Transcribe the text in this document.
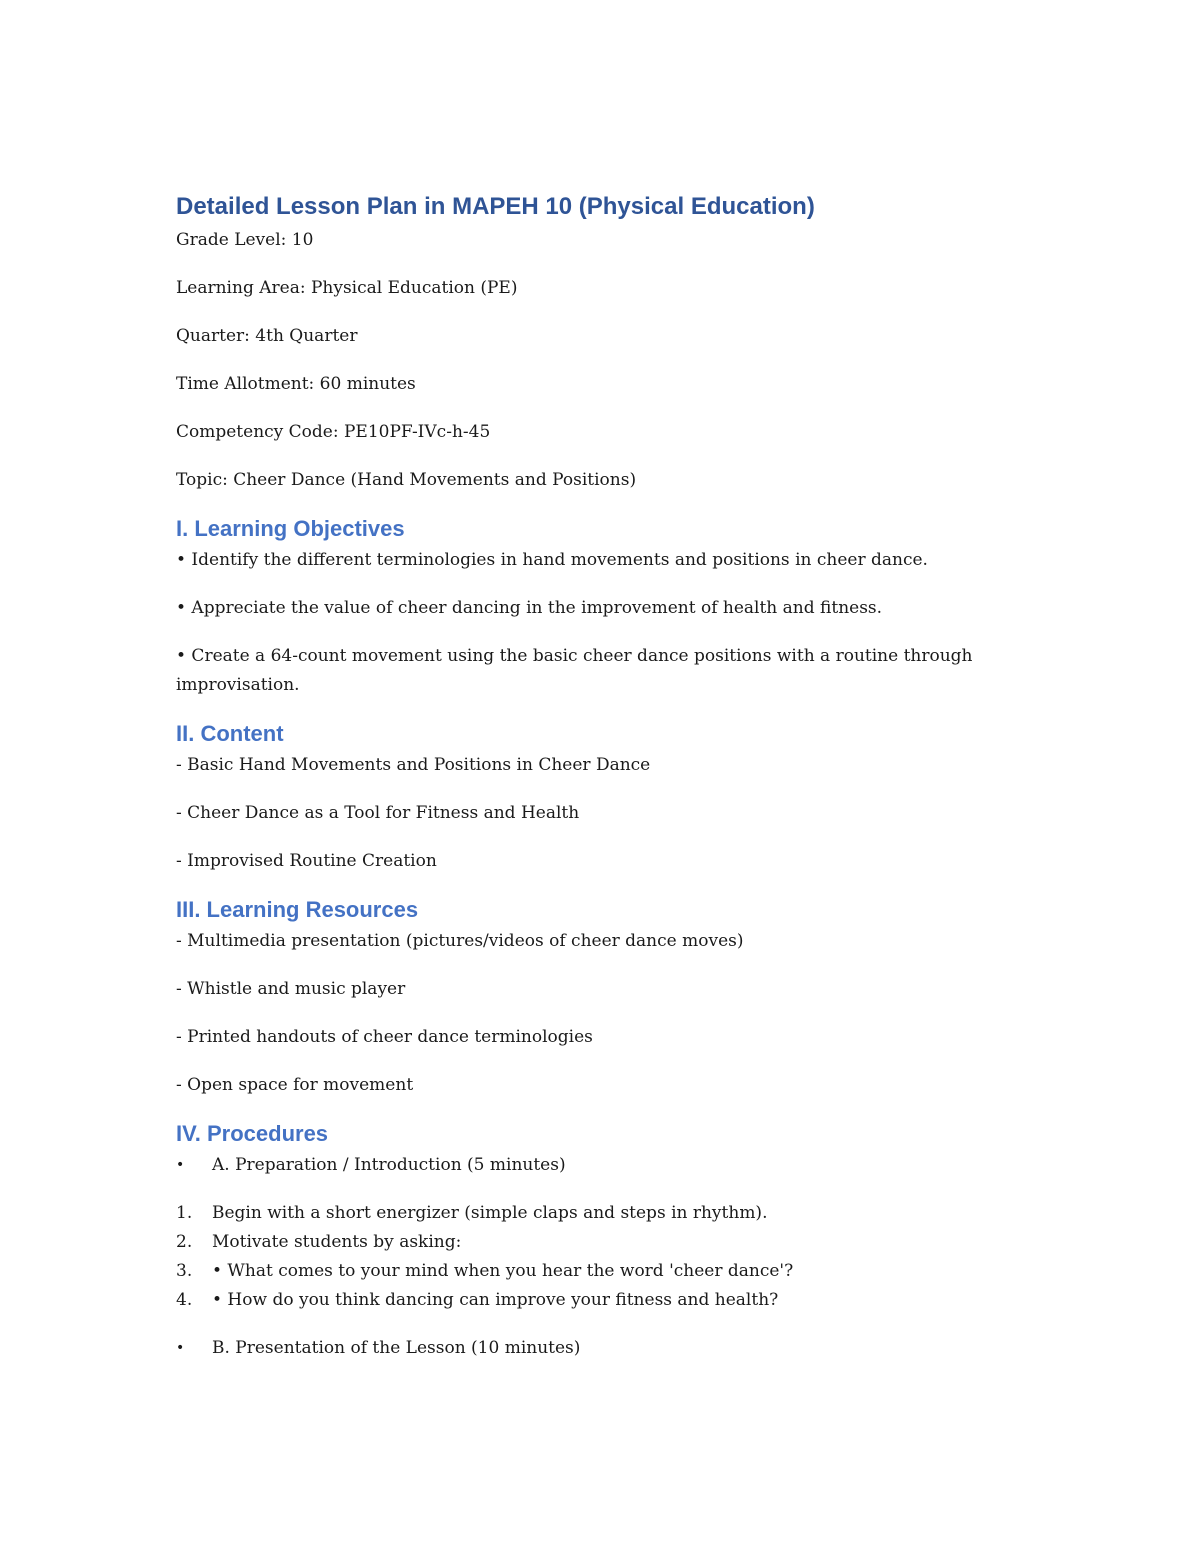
Detailed Lesson Plan in MAPEH 10 (Physical Education)

Grade Level: 10

Learning Area: Physical Education (PE)

Quarter: 4th Quarter

Time Allotment: 60 minutes

Competency Code: PE10PF-IVc-h-45

Topic: Cheer Dance (Hand Movements and Positions)

I. Learning Objectives

• Identify the different terminologies in hand movements and positions in cheer dance.

• Appreciate the value of cheer dancing in the improvement of health and fitness.

• Create a 64-count movement using the basic cheer dance positions with a routine through improvisation.

II. Content

- Basic Hand Movements and Positions in Cheer Dance

- Cheer Dance as a Tool for Fitness and Health

- Improvised Routine Creation

III. Learning Resources

- Multimedia presentation (pictures/videos of cheer dance moves)

- Whistle and music player

- Printed handouts of cheer dance terminologies

- Open space for movement

IV. Procedures
•	A. Preparation / Introduction (5 minutes)
1. Begin with a short energizer (simple claps and steps in rhythm).
2. Motivate students by asking:
3. • What comes to your mind when you hear the word 'cheer dance'?
4. • How do you think dancing can improve your fitness and health?
•	B. Presentation of the Lesson (10 minutes)
